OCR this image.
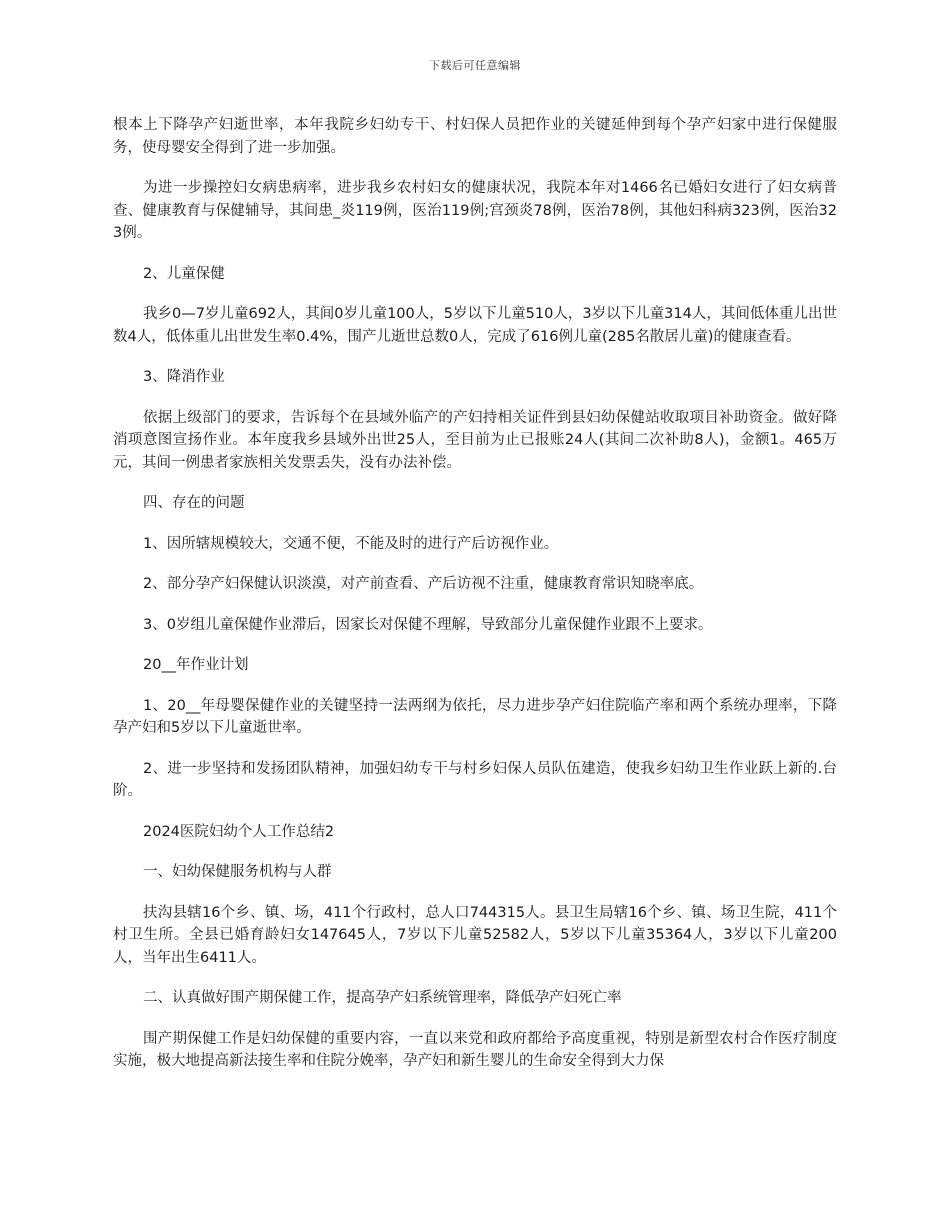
下载后可任意编辑

根本上下降孕产妇逝世率，本年我院乡妇幼专干、村妇保人员把作业的关键延伸到每个孕产妇家中进行保健服务，使母婴安全得到了进一步加强。

为进一步操控妇女病患病率，进步我乡农村妇女的健康状况，我院本年对1466名已婚妇女进行了妇女病普查、健康教育与保健辅导，其间患_炎119例，医治119例;宫颈炎78例，医治78例，其他妇科病323例，医治323例。

2、儿童保健

我乡0—7岁儿童692人，其间0岁儿童100人，5岁以下儿童510人，3岁以下儿童314人，其间低体重儿出世数4人，低体重儿出世发生率0.4%，围产儿逝世总数0人，完成了616例儿童(285名散居儿童)的健康查看。

3、降消作业

依据上级部门的要求，告诉每个在县域外临产的产妇持相关证件到县妇幼保健站收取项目补助资金。做好降消项意图宣扬作业。本年度我乡县域外出世25人，至目前为止已报账24人(其间二次补助8人)，金额1。465万元，其间一例患者家族相关发票丢失，没有办法补偿。

四、存在的问题

1、因所辖规模较大，交通不便，不能及时的进行产后访视作业。

2、部分孕产妇保健认识淡漠，对产前查看、产后访视不注重，健康教育常识知晓率底。

3、0岁组儿童保健作业滞后，因家长对保健不理解，导致部分儿童保健作业跟不上要求。

20__年作业计划

1、20__年母婴保健作业的关键坚持一法两纲为依托，尽力进步孕产妇住院临产率和两个系统办理率，下降孕产妇和5岁以下儿童逝世率。

2、进一步坚持和发扬团队精神，加强妇幼专干与村乡妇保人员队伍建造，使我乡妇幼卫生作业跃上新的.台阶。

2024医院妇幼个人工作总结2

一、妇幼保健服务机构与人群

扶沟县辖16个乡、镇、场，411个行政村，总人口744315人。县卫生局辖16个乡、镇、场卫生院，411个村卫生所。全县已婚育龄妇女147645人，7岁以下儿童52582人，5岁以下儿童35364人，3岁以下儿童200人，当年出生6411人。

二、认真做好围产期保健工作，提高孕产妇系统管理率，降低孕产妇死亡率

围产期保健工作是妇幼保健的重要内容，一直以来党和政府都给予高度重视，特别是新型农村合作医疗制度实施，极大地提高新法接生率和住院分娩率，孕产妇和新生婴儿的生命安全得到大力保
